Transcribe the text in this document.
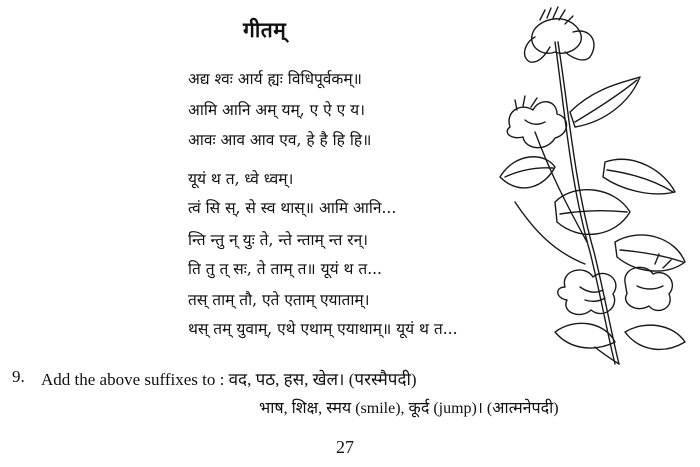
गीतम्
अद्य श्वः आर्य ह्यः विधिपूर्वकम्॥
आमि आनि अम् यम्, ए ऐ ए य।
आवः आव आव एव, हे है हि हि॥
यूयं थ त, ध्वे ध्वम्।
त्वं सि स्, से स्व थास्॥ आमि आनि...
न्ति न्तु न् युः ते, न्ते न्ताम् न्त रन्।
ति तु त् सः, ते ताम् त॥ यूयं थ त...
तस् ताम् तौ, एते एताम् एयाताम्।
थस् तम् युवाम्, एथे एथाम् एयाथाम्॥ यूयं थ त...
9. Add the above suffixes to : वद, पठ, हस, खेल। (परस्मैपदी)
भाष, शिक्ष, स्मय (smile), कूर्द (jump)। (आत्मनेपदी)
27
